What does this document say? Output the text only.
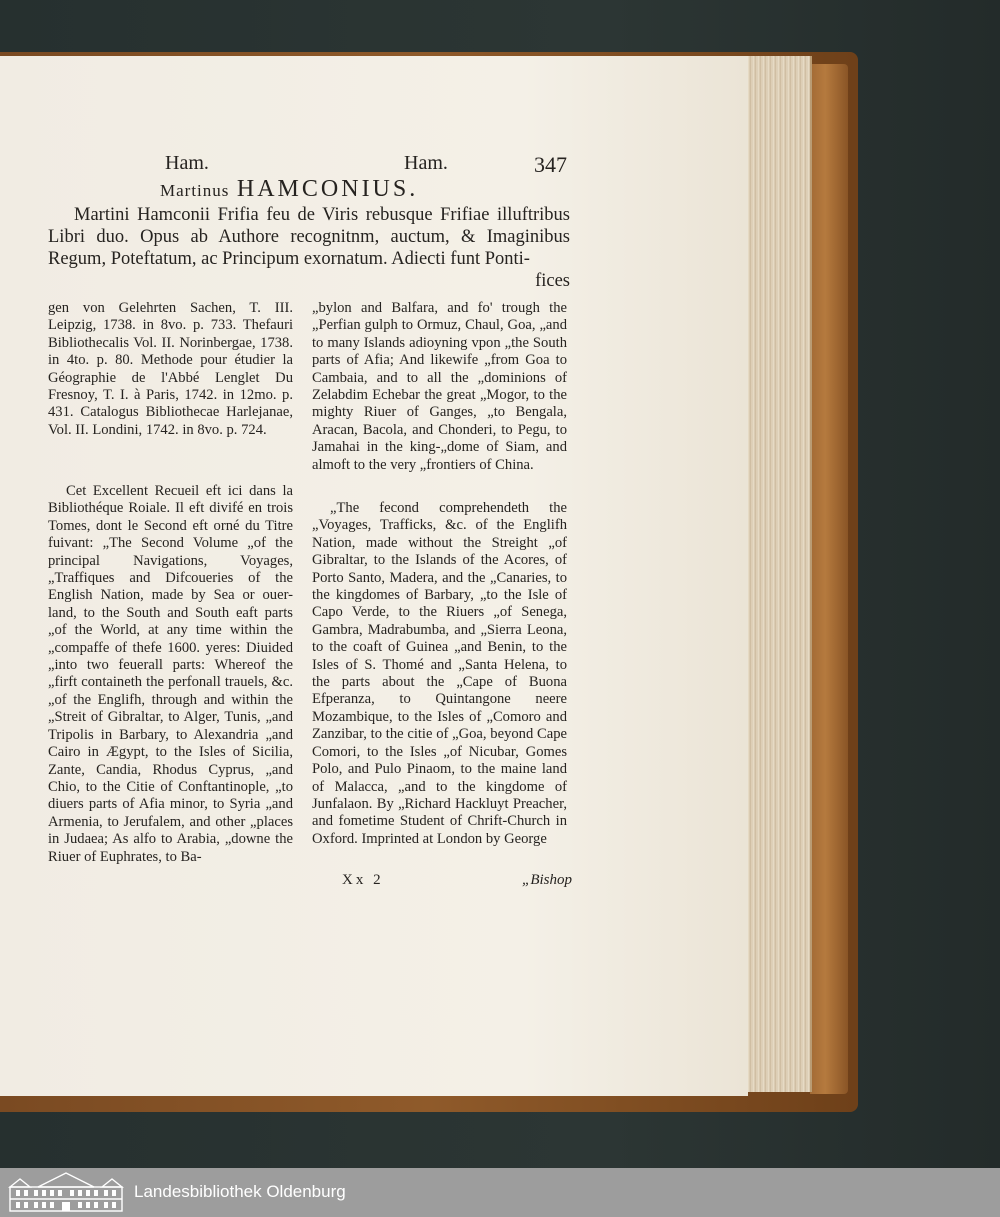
Ham.	Ham.	347
Martinus HAMCONIUS.

Martini Hamconii Frifia feu de Viris rebusque Frifiae illuftribus Libri duo. Opus ab Authore recognitnm, auctum, & Imaginibus Regum, Poteftatum, ac Principum exornatum. Adiecti funt Ponti-

fices

gen von Gelehrten Sachen, T. III. Leipzig, 1738. in 8vo. p. 733. Thefauri Bibliothecalis Vol. II. Norinbergae, 1738. in 4to. p. 80. Methode pour étudier la Géographie de l'Abbé Lenglet Du Fresnoy, T. I. à Paris, 1742. in 12mo. p. 431. Catalogus Bibliothecae Harlejanae, Vol. II. Londini, 1742. in 8vo. p. 724.

Cet Excellent Recueil eft ici dans la Bibliothéque Roiale. Il eft divifé en trois Tomes, dont le Second eft orné du Titre fuivant: „The Second Volume „of the principal Navigations, Voyages, „Traffiques and Difcoueries of the English Nation, made by Sea or ouer-land, to the South and South eaft parts „of the World, at any time within the „compaffe of thefe 1600. yeres: Diuided „into two feuerall parts: Whereof the „firft containeth the perfonall trauels, &c. „of the Englifh, through and within the „Streit of Gibraltar, to Alger, Tunis, „and Tripolis in Barbary, to Alexandria „and Cairo in Ægypt, to the Isles of Sicilia, Zante, Candia, Rhodus Cyprus, „and Chio, to the Citie of Conftantinople, „to diuers parts of Afia minor, to Syria „and Armenia, to Jerufalem, and other „places in Judaea; As alfo to Arabia, „downe the Riuer of Euphrates, to Ba-

„bylon and Balfara, and fo' trough the „Perfian gulph to Ormuz, Chaul, Goa, „and to many Islands adioyning vpon „the South parts of Afia; And likewife „from Goa to Cambaia, and to all the „dominions of Zelabdim Echebar the great „Mogor, to the mighty Riuer of Ganges, „to Bengala, Aracan, Bacola, and Chonderi, to Pegu, to Jamahai in the king-„dome of Siam, and almoft to the very „frontiers of China.

„The fecond comprehendeth the „Voyages, Trafficks, &c. of the Englifh Nation, made without the Streight „of Gibraltar, to the Islands of the Acores, of Porto Santo, Madera, and the „Canaries, to the kingdomes of Barbary, „to the Isle of Capo Verde, to the Riuers „of Senega, Gambra, Madrabumba, and „Sierra Leona, to the coaft of Guinea „and Benin, to the Isles of S. Thomé and „Santa Helena, to the parts about the „Cape of Buona Efperanza, to Quintangone neere Mozambique, to the Isles of „Comoro and Zanzibar, to the citie of „Goa, beyond Cape Comori, to the Isles „of Nicubar, Gomes Polo, and Pulo Pinaom, to the maine land of Malacca, „and to the kingdome of Junfalaon. By „Richard Hackluyt Preacher, and fometime Student of Chrift-Church in Oxford. Imprinted at London by George

Xx 2	„Bishop
Landesbibliothek Oldenburg
